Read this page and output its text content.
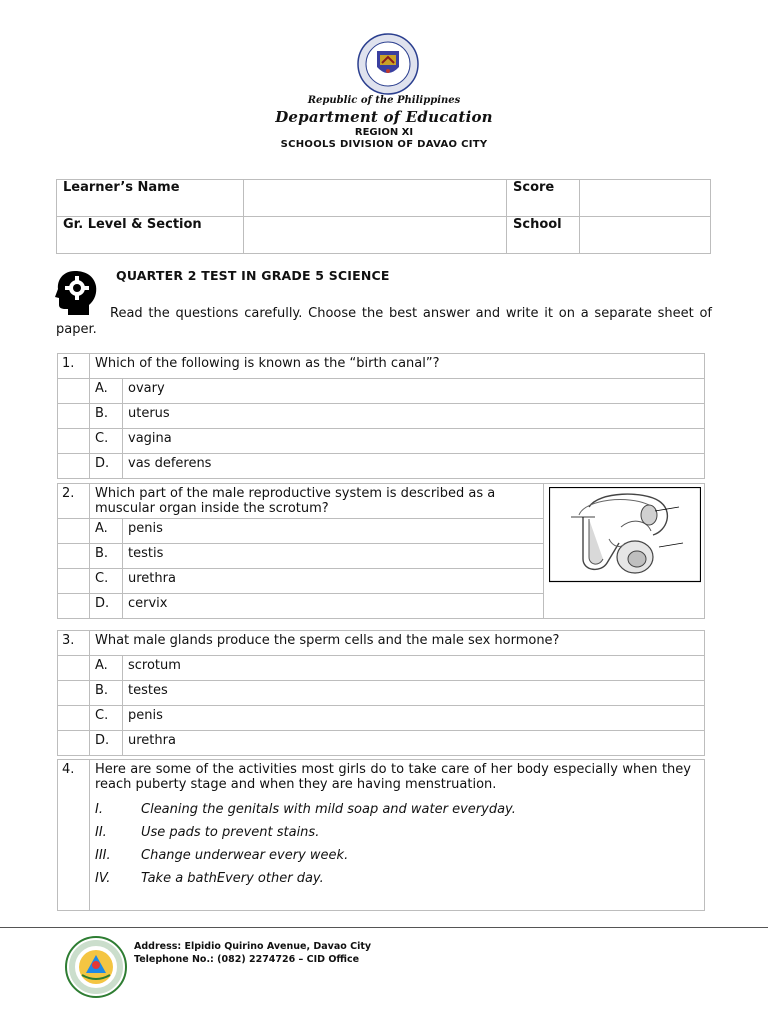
Republic of the Philippines
Department of Education
REGION XI
SCHOOLS DIVISION OF DAVAO CITY
Learner’s Name		Score	
Gr. Level & Section		School	
QUARTER 2 TEST IN GRADE 5 SCIENCE
Read the questions carefully. Choose the best answer and write it on a separate sheet of paper.
1.	Which of the following is known as the “birth canal”?	
	A.	ovary
	B.	uterus
	C.	vagina
	D.	vas deferens
2.	Which part of the male reproductive system is described as a muscular organ inside the scrotum?	

	A.	penis	
	B.	testis	
	C.	urethra	
	D.	cervix	
3.	What male glands produce the sperm cells and the male sex hormone?	
	A.	scrotum
	B.	testes
	C.	penis
	D.	urethra
4.	Here are some of the activities most girls do to take care of her body especially when they reach puberty stage and when they are having menstruation.
I.	Cleaning the genitals with mild soap and water everyday.
II.	Use pads to prevent stains.
III.	Change underwear every week.
IV.	Take a bathEvery other day.
Address: Elpidio Quirino Avenue, Davao City
Telephone No.: (082) 2274726 – CID Office
